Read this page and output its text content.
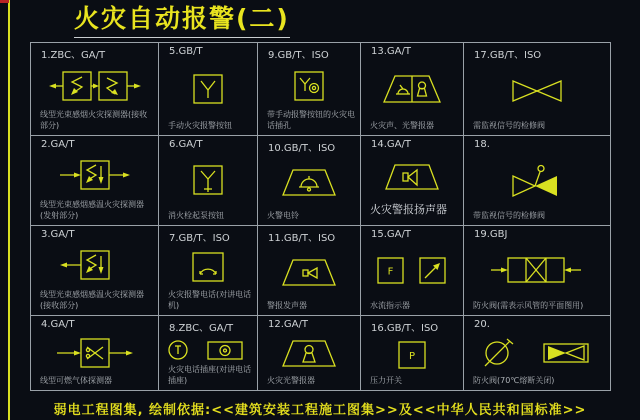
火灾自动报警(二)
1.ZBC、GA/T
线型光束感烟火灾探测器(接收部分)
2.GA/T
线型光束感烟感温火灾探测器(发射部分)
3.GA/T
线型光束感烟感温火灾探测器(接收部分)
4.GA/T
线型可燃气体探测器
5.GB/T
手动火灾报警按钮
6.GA/T
消火栓起泵按钮
7.GB/T、ISO
火灾报警电话(对讲电话机)
8.ZBC、GA/T
火灾电话插座(对讲电话插座)
9.GB/T、ISO
带手动报警按钮的火灾电话插孔
10.GB/T、ISO
火警电铃
11.GB/T、ISO
警报发声器
12.GA/T
火灾光警报器
13.GA/T
火灾声、光警报器
14.GA/T
火灾警报扬声器
15.GA/T
F
水流指示器
16.GB/T、ISO
P
压力开关
17.GB/T、ISO
需监视信号的检修阀
18.
带监视信号的检修阀
19.GBJ
防火阀(需表示风管的平面图用)
20.
防火阀(70℃熔断关闭)
弱电工程图集, 绘制依据:<<建筑安装工程施工图集>>及<<中华人民共和国标准>>
